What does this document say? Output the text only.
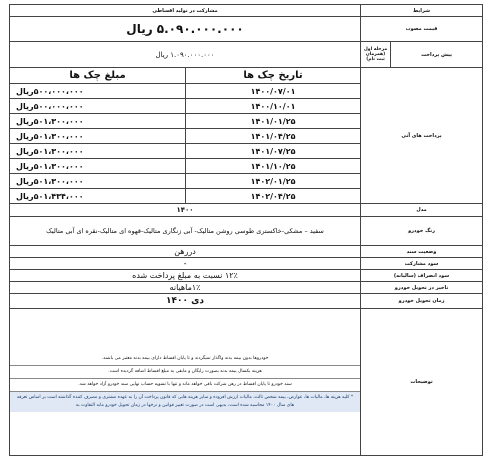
شرایط		مشارکت در تولید اقساطی	
قیمت مصوب		۵.۰۹۰.۰۰۰.۰۰۰ ریال	
پیش پرداخت	مرحله اول (همزمان ثبت نام)	۱.۰۹۰.۰۰۰.۰۰۰ ریال	
پرداخت های آتی		تاریخ چک ها	مبلغ چک ها
		۱۴۰۰/۰۷/۰۱	۵۰۰،۰۰۰،۰۰۰ریال
		۱۴۰۰/۱۰/۰۱	۵۰۰،۰۰۰،۰۰۰ریال
		۱۴۰۱/۰۱/۲۵	۵۰۱،۳۰۰،۰۰۰ریال
		۱۴۰۱/۰۴/۲۵	۵۰۱،۳۰۰،۰۰۰ریال
		۱۴۰۱/۰۷/۲۵	۵۰۱،۳۰۰،۰۰۰ریال
		۱۴۰۱/۱۰/۲۵	۵۰۱،۳۰۰،۰۰۰ریال
		۱۴۰۲/۰۱/۲۵	۵۰۱،۳۰۰،۰۰۰ریال
		۱۴۰۲/۰۴/۲۵	۵۰۱،۴۳۴،۰۰۰ریال
مدل		۱۴۰۰	
رنگ خودرو		سفید – مشکی-خاکستری طوسی روشن متالیک- آبی زنگاری متالیک-قهوه ای متالیک-نقره ای آبی متالیک	
وضعیت سند		دررهن	
سود مشارکت		-	
سود انصراف (سالیانه)		۱۲٪ نسبت به مبلغ پرداخت شده	
تاخیر در تحویل خودرو		۱٪ماهیانه	
زمان تحویل خودرو		دی ۱۴۰۰	
توضیحات		خودروها بدون بیمه بدنه واگذار نمیگردند و تا پایان اقساط دارای بیمه بدنه معتبر می باشند.
هزینه یکسال بیمه بدنه بصورت رایگان و مابقی به مبلغ اقساط اضافه گردیده است.
سند خودرو تا پایان اقساط در رهن شرکت باقی خواهد ماند و تنها با تسویه حساب نهایی سند خودرو آزاد خواهد شد.
* کلیه هزینه ها، مالیات ها، عوارض، بیمه شخص ثالث، مالیات ارزش افزوده و سایر هزینه هایی که قانون پرداخت آن را به عهده مشتری و مصرف کننده گذاشته است بر اساس تعرفه های سال ۱۴۰۰ محاسبه شده است، بدیهی است در صورت تغییر قوانین و نرخها در زمان تحویل خودرو مابه التفاوت به	
